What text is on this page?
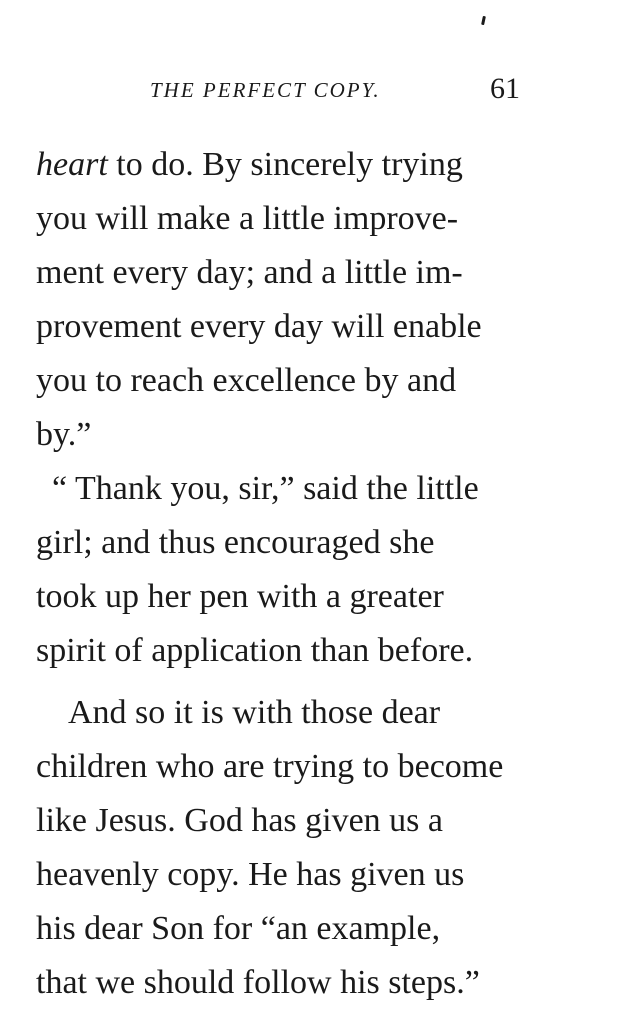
THE PERFECT COPY.	61
heart to do. By sincerely trying
you will make a little improve-
ment every day; and a little im-
provement every day will enable
you to reach excellence by and
by.”
“ Thank you, sir,” said the little
girl; and thus encouraged she
took up her pen with a greater
spirit of application than before.
And so it is with those dear
children who are trying to become
like Jesus. God has given us a
heavenly copy. He has given us
his dear Son for “an example,
that we should follow his steps.”
